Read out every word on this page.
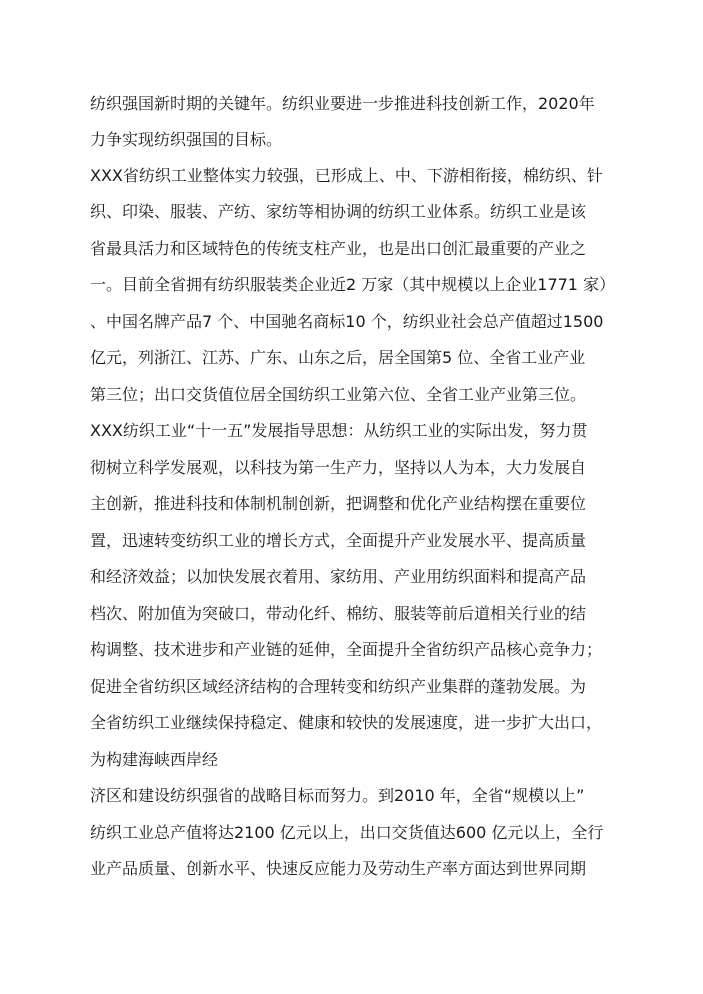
纺织强国新时期的关键年。纺织业要进一步推进科技创新工作，2020年
力争实现纺织强国的目标。
XXX省纺织工业整体实力较强，已形成上、中、下游相衔接，棉纺织、针
织、印染、服装、产纺、家纺等相协调的纺织工业体系。纺织工业是该
省最具活力和区域特色的传统支柱产业，也是出口创汇最重要的产业之
一。目前全省拥有纺织服装类企业近2 万家（其中规模以上企业1771 家）
、中国名牌产品7 个、中国驰名商标10 个，纺织业社会总产值超过1500
亿元，列浙江、江苏、广东、山东之后，居全国第5 位、全省工业产业
第三位；出口交货值位居全国纺织工业第六位、全省工业产业第三位。
XXX纺织工业“十一五”发展指导思想：从纺织工业的实际出发，努力贯
彻树立科学发展观，以科技为第一生产力，坚持以人为本，大力发展自
主创新，推进科技和体制机制创新，把调整和优化产业结构摆在重要位
置，迅速转变纺织工业的增长方式，全面提升产业发展水平、提高质量
和经济效益；以加快发展衣着用、家纺用、产业用纺织面料和提高产品
档次、附加值为突破口，带动化纤、棉纺、服装等前后道相关行业的结
构调整、技术进步和产业链的延伸，全面提升全省纺织产品核心竞争力；
促进全省纺织区域经济结构的合理转变和纺织产业集群的蓬勃发展。为
全省纺织工业继续保持稳定、健康和较快的发展速度，进一步扩大出口，
为构建海峡西岸经
济区和建设纺织强省的战略目标而努力。到2010 年，全省“规模以上”
纺织工业总产值将达2100 亿元以上，出口交货值达600 亿元以上，全行
业产品质量、创新水平、快速反应能力及劳动生产率方面达到世界同期
